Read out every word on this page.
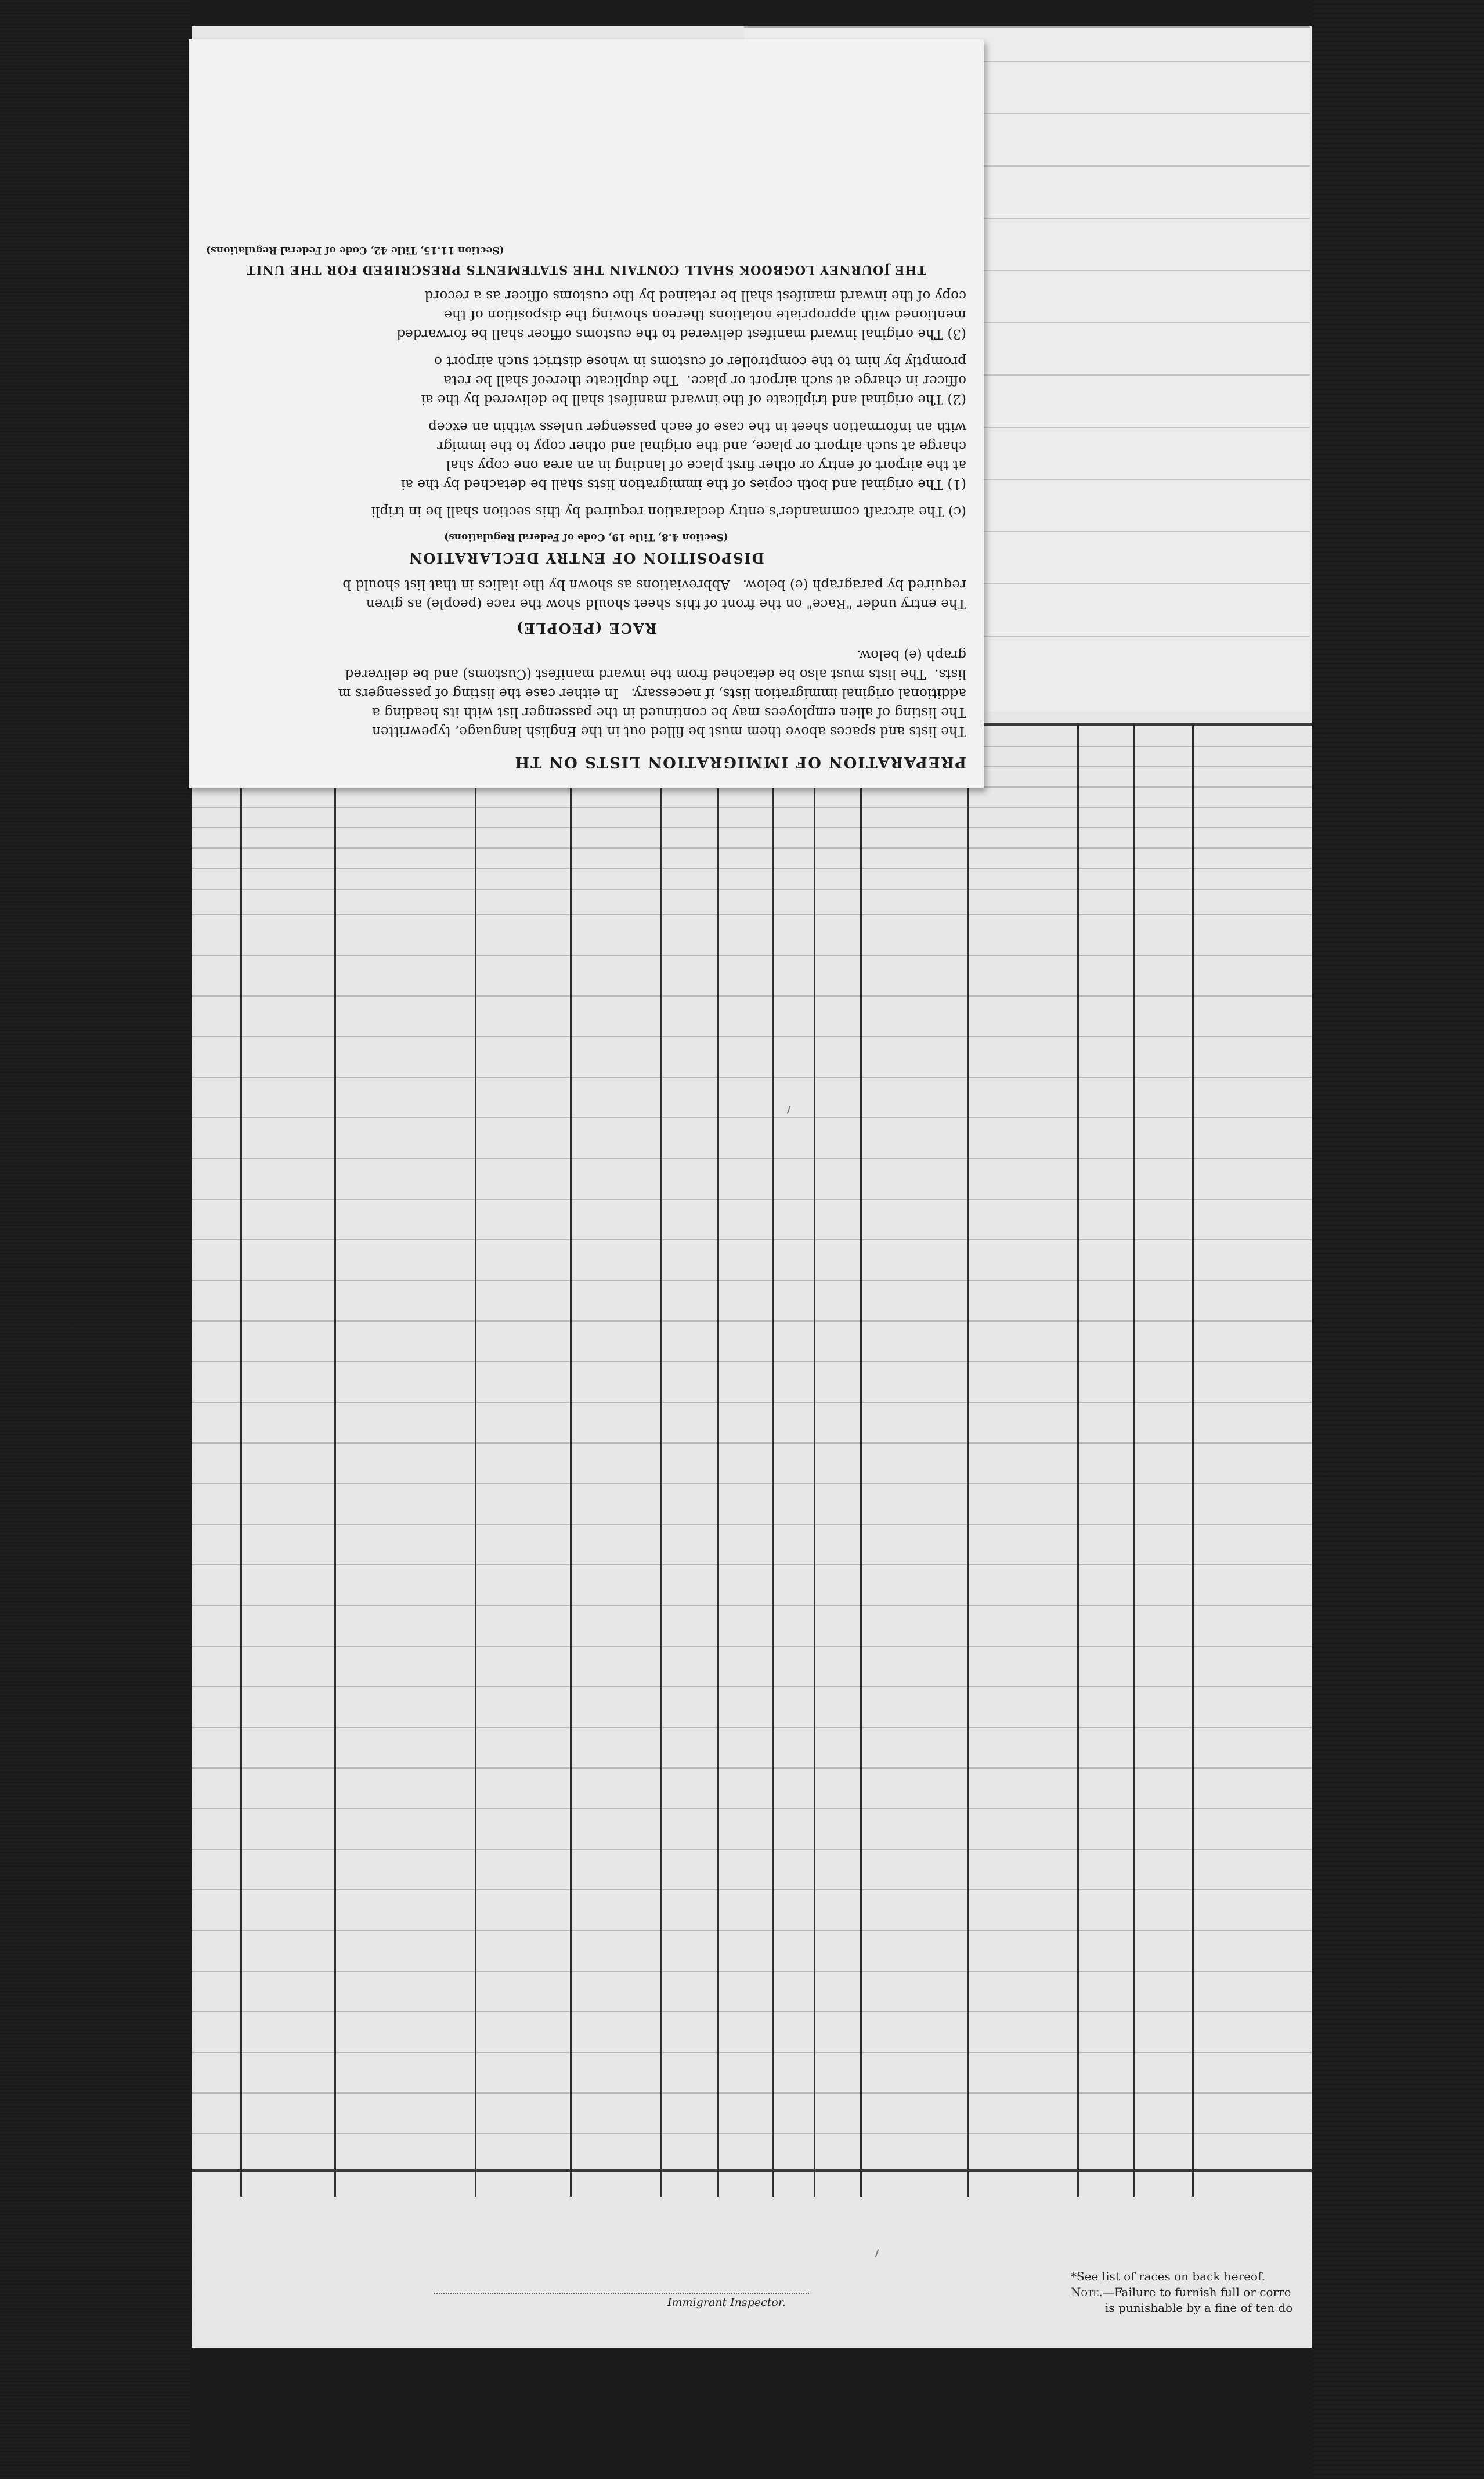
Immigrant Inspector.
*See list of races on back hereof.
Note.—Failure to furnish full or corre
is punishable by a fine of ten do
PREPARATION OF IMMIGRATION LISTS ON TH
The lists and spaces above them must be filled out in the English language, typewritten
The listing of alien employees may be continued in the passenger list with its heading a
additional original immigration lists, if necessary.   In either case the listing of passengers m
lists.  The lists must also be detached from the inward manifest (Customs) and be delivered
graph (e) below.
RACE (PEOPLE)
The entry under "Race" on the front of this sheet should show the race (people) as given
required by paragraph (e) below.   Abbreviations as shown by the italics in that list should b
DISPOSITION OF ENTRY DECLARATION
(Section 4.8, Title 19, Code of Federal Regulations)
(c) The aircraft commander's entry declaration required by this section shall be in tripli
(1) The original and both copies of the immigration lists shall be detached by the ai
at the airport of entry or other first place of landing in an area one copy shal
charge at such airport or place, and the original and other copy to the immigr
with an information sheet in the case of each passenger unless within an excep
(2) The original and triplicate of the inward manifest shall be delivered by the ai
officer in charge at such airport or place.  The duplicate thereof shall be reta
promptly by him to the comptroller of customs in whose district such airport o
(3) The original inward manifest delivered to the customs officer shall be forwarded
mentioned with appropriate notations thereon showing the disposition of the
copy of the inward manifest shall be retained by the customs officer as a record
THE JOURNEY LOGBOOK SHALL CONTAIN THE STATEMENTS PRESCRIBED FOR THE UNIT
(Section 11.15, Title 42, Code of Federal Regulations)
